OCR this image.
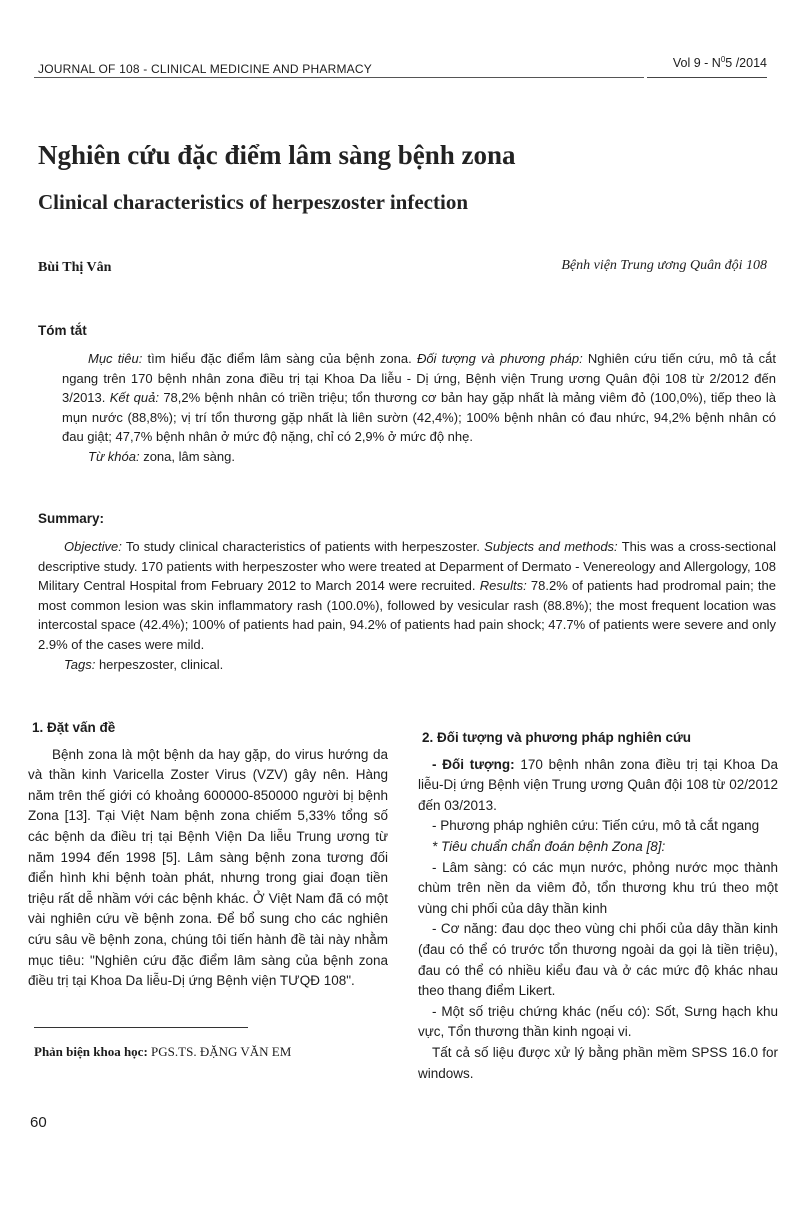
JOURNAL OF 108 - CLINICAL MEDICINE AND PHARMACY	Vol $9 - N^05$ /2014
Nghiên cứu đặc điểm lâm sàng bệnh zona
Clinical characteristics of herpeszoster infection
Bùi Thị Vân	Bệnh viện Trung ương Quân đội 108
Tóm tắt

Mục tiêu: tìm hiểu đặc điểm lâm sàng của bệnh zona. Đối tượng và phương pháp: Nghiên cứu tiến cứu, mô tả cắt ngang trên 170 bệnh nhân zona điều trị tại Khoa Da liễu - Dị ứng, Bệnh viện Trung ương Quân đội 108 từ 2/2012 đến 3/2013. Kết quả: 78,2% bệnh nhân có triền triệu; tổn thương cơ bản hay gặp nhất là mảng viêm đỏ (100,0%), tiếp theo là mụn nước (88,8%); vị trí tổn thương gặp nhất là liên sườn (42,4%); 100% bệnh nhân có đau nhức, 94,2% bệnh nhân có đau giật; 47,7% bệnh nhân ở mức độ nặng, chỉ có 2,9% ở mức độ nhẹ.

Từ khóa: zona, lâm sàng.

Summary:

Objective: To study clinical characteristics of patients with herpeszoster. Subjects and methods: This was a cross-sectional descriptive study. 170 patients with herpeszoster who were treated at Deparment of Dermato - Venereology and Allergology, 108 Military Central Hospital from February 2012 to March 2014 were recruited. Results: 78.2% of patients had prodromal pain; the most common lesion was skin inflammatory rash (100.0%), followed by vesicular rash (88.8%); the most frequent location was intercostal space (42.4%); 100% of patients had pain, 94.2% of patients had pain shock; 47.7% of patients were severe and only 2.9% of the cases were mild.

Tags: herpeszoster, clinical.

1. Đặt vấn đề

Bệnh zona là một bệnh da hay gặp, do virus hướng da và thần kinh Varicella Zoster Virus (VZV) gây nên. Hàng năm trên thế giới có khoảng 600000-850000 người bị bệnh Zona [13]. Tại Việt Nam bệnh zona chiếm 5,33% tổng số các bệnh da điều trị tại Bệnh Viện Da liễu Trung ương từ năm 1994 đến 1998 [5]. Lâm sàng bệnh zona tương đối điển hình khi bệnh toàn phát, nhưng trong giai đoạn tiền triệu rất dễ nhầm với các bệnh khác. Ở Việt Nam đã có một vài nghiên cứu về bệnh zona. Để bổ sung cho các nghiên cứu sâu về bệnh zona, chúng tôi tiến hành đề tài này nhằm mục tiêu: "Nghiên cứu đặc điểm lâm sàng của bệnh zona điều trị tại Khoa Da liễu-Dị ứng Bệnh viện TƯQĐ 108".

2. Đối tượng và phương pháp nghiên cứu

- Đối tượng: 170 bệnh nhân zona điều trị tại Khoa Da liễu-Dị ứng Bệnh viện Trung ương Quân đội 108 từ 02/2012 đến 03/2013.

- Phương pháp nghiên cứu: Tiến cứu, mô tả cắt ngang

* Tiêu chuẩn chẩn đoán bệnh Zona [8]:

- Lâm sàng: có các mụn nước, phỏng nước mọc thành chùm trên nền da viêm đỏ, tổn thương khu trú theo một vùng chi phối của dây thần kinh

- Cơ năng: đau dọc theo vùng chi phối của dây thần kinh (đau có thể có trước tổn thương ngoài da gọi là tiền triệu), đau có thể có nhiều kiểu đau và ở các mức độ khác nhau theo thang điểm Likert.

- Một số triệu chứng khác (nếu có): Sốt, Sưng hạch khu vực, Tổn thương thần kinh ngoại vi.

Tất cả số liệu được xử lý bằng phần mềm SPSS 16.0 for windows.

Phản biện khoa học: PGS.TS. ĐẶNG VĂN EM
60
